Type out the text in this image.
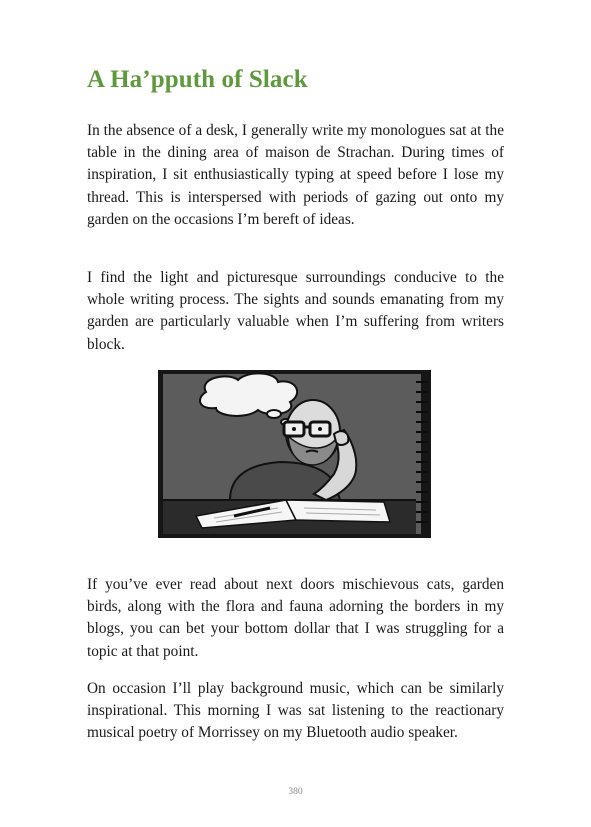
A Ha’pputh of Slack

In the absence of a desk, I generally write my monologues sat at the table in the dining area of maison de Strachan. During times of inspiration, I sit enthusiastically typing at speed before I lose my thread. This is interspersed with periods of gazing out onto my garden on the occasions I’m bereft of ideas.

I find the light and picturesque surroundings conducive to the whole writing process. The sights and sounds emanating from my garden are particularly valuable when I’m suffering from writers block.

If you’ve ever read about next doors mischievous cats, garden birds, along with the flora and fauna adorning the borders in my blogs, you can bet your bottom dollar that I was struggling for a topic at that point.

On occasion I’ll play background music, which can be similarly inspirational. This morning I was sat listening to the reactionary musical poetry of Morrissey on my Bluetooth audio speaker.

380
